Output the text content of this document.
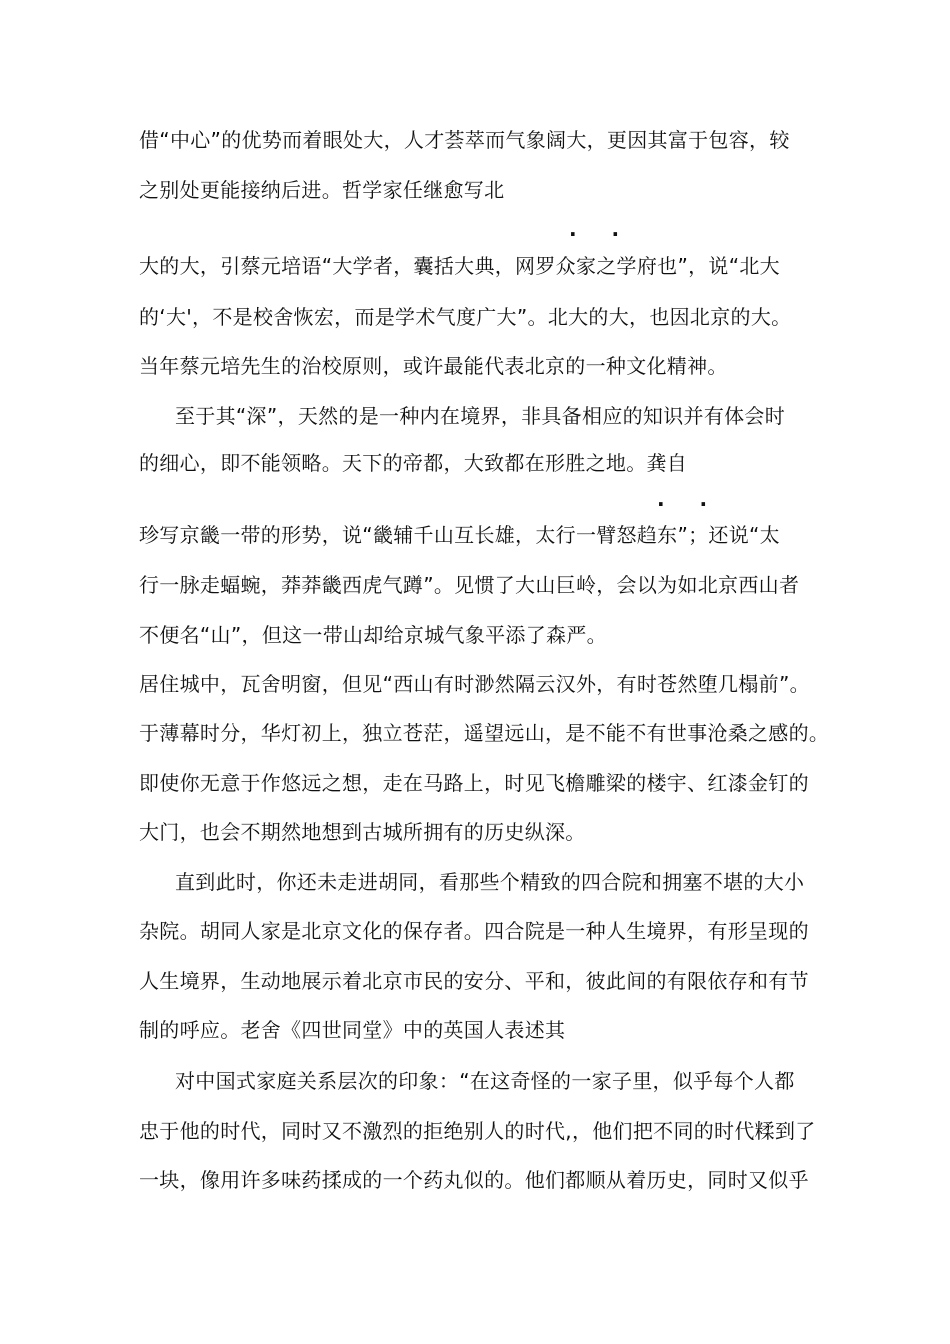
借“中心”的优势而着眼处大，人才荟萃而气象阔大，更因其富于包容，较

之别处更能接纳后进。哲学家任继愈写北

. .

大的大，引蔡元培语“大学者，囊括大典，网罗众家之学府也”，说“北大

的‘大'，不是校舍恢宏，而是学术气度广大”。北大的大，也因北京的大。

当年蔡元培先生的治校原则，或许最能代表北京的一种文化精神。

至于其“深”，天然的是一种内在境界，非具备相应的知识并有体会时

的细心，即不能领略。天下的帝都，大致都在形胜之地。龚自

. .

珍写京畿一带的形势，说“畿辅千山互长雄，太行一臂怒趋东”；还说“太

行一脉走蝠蜿，莽莽畿西虎气蹲”。见惯了大山巨岭，会以为如北京西山者

不便名“山”，但这一带山却给京城气象平添了森严。

居住城中，瓦舍明窗，但见“西山有时渺然隔云汉外，有时苍然堕几榻前”。

于薄幕时分，华灯初上，独立苍茫，遥望远山，是不能不有世事沧桑之感的。

即使你无意于作悠远之想，走在马路上，时见飞檐雕梁的楼宇、红漆金钉的

大门，也会不期然地想到古城所拥有的历史纵深。

直到此时，你还未走进胡同，看那些个精致的四合院和拥塞不堪的大小

杂院。胡同人家是北京文化的保存者。四合院是一种人生境界，有形呈现的

人生境界，生动地展示着北京市民的安分、平和，彼此间的有限依存和有节

制的呼应。老舍《四世同堂》中的英国人表述其

对中国式家庭关系层次的印象：“在这奇怪的一家子里，似乎每个人都

忠于他的时代，同时又不激烈的拒绝别人的时代,，他们把不同的时代糅到了

一块，像用许多味药揉成的一个药丸似的。他们都顺从着历史，同时又似乎
